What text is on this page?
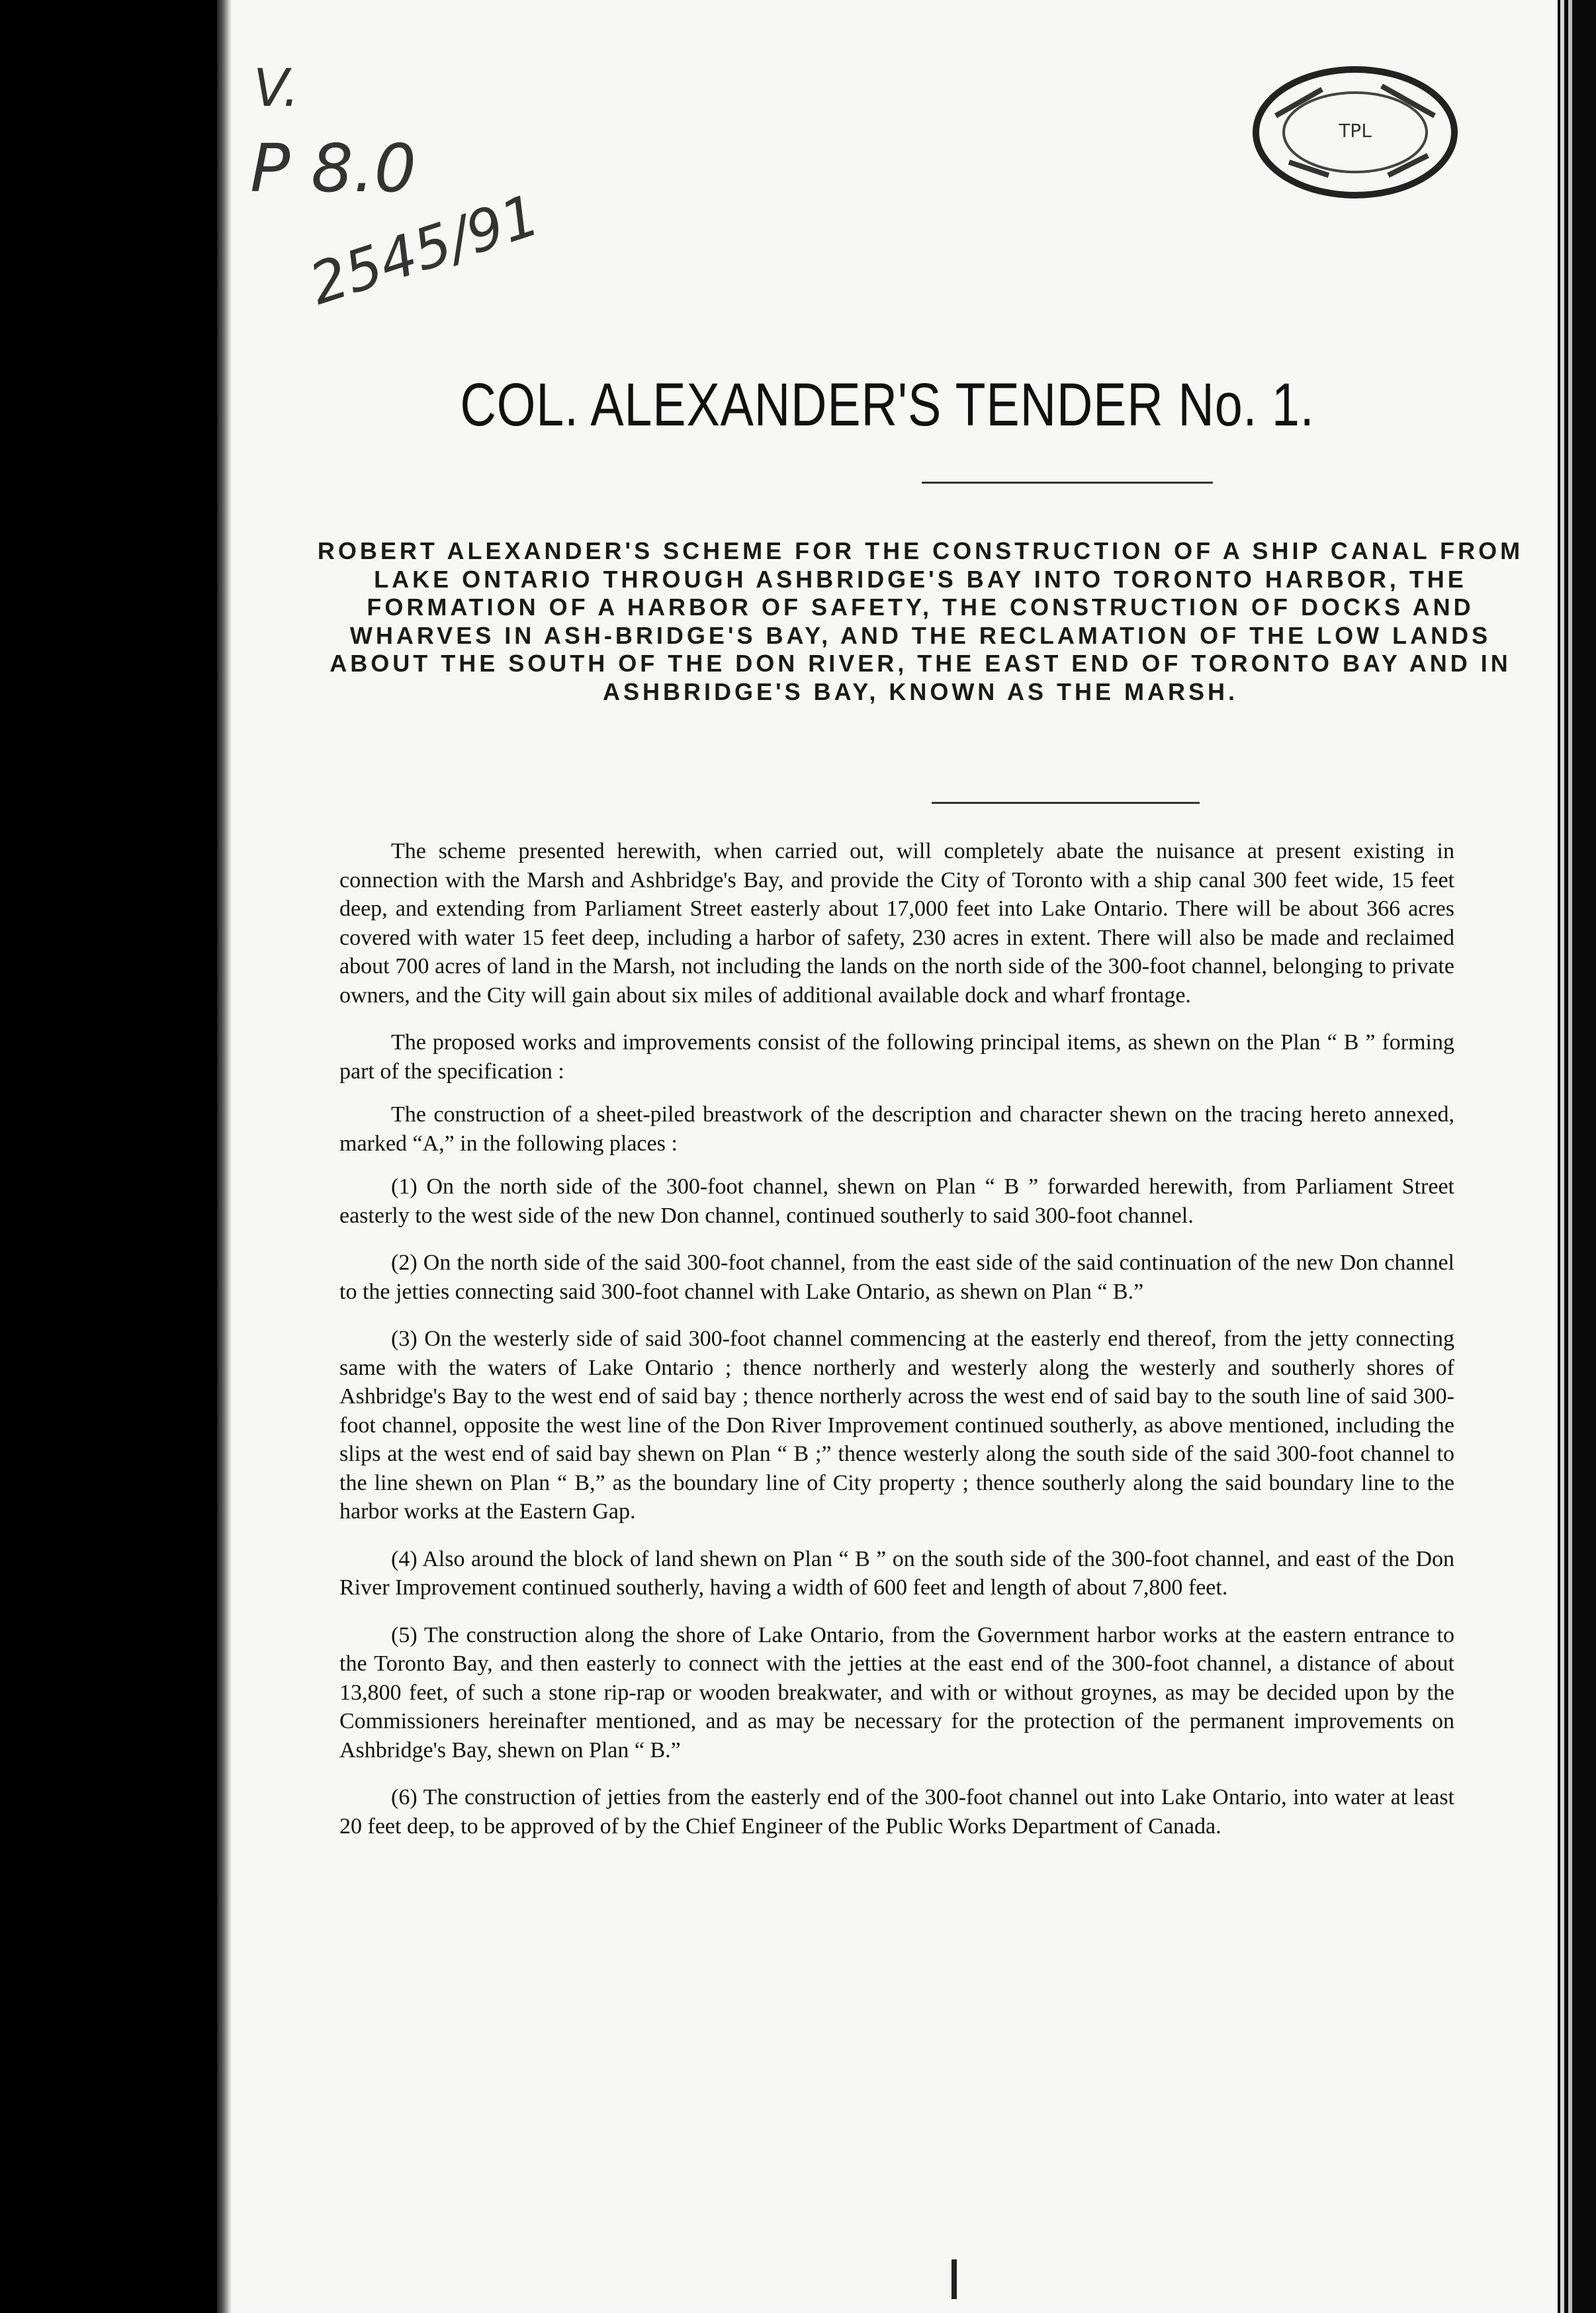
V.
P 8.0
2545/91
TPL
COL. ALEXANDER'S TENDER No. 1.
ROBERT ALEXANDER'S SCHEME FOR THE CONSTRUCTION OF A SHIP CANAL FROM LAKE ONTARIO THROUGH ASHBRIDGE'S BAY INTO TORONTO HARBOR, THE FORMATION OF A HARBOR OF SAFETY, THE CONSTRUCTION OF DOCKS AND WHARVES IN ASH-BRIDGE'S BAY, AND THE RECLAMATION OF THE LOW LANDS ABOUT THE SOUTH OF THE DON RIVER, THE EAST END OF TORONTO BAY AND IN ASHBRIDGE'S BAY, KNOWN AS THE MARSH.

The scheme presented herewith, when carried out, will completely abate the nuisance at present existing in connection with the Marsh and Ashbridge's Bay, and provide the City of Toronto with a ship canal 300 feet wide, 15 feet deep, and extending from Parliament Street easterly about 17,000 feet into Lake Ontario. There will be about 366 acres covered with water 15 feet deep, including a harbor of safety, 230 acres in extent. There will also be made and reclaimed about 700 acres of land in the Marsh, not including the lands on the north side of the 300-foot channel, belonging to private owners, and the City will gain about six miles of additional available dock and wharf frontage.

The proposed works and improvements consist of the following principal items, as shewn on the Plan “ B ” forming part of the specification :

The construction of a sheet-piled breastwork of the description and character shewn on the tracing hereto annexed, marked “A,” in the following places :

(1) On the north side of the 300-foot channel, shewn on Plan “ B ” forwarded herewith, from Parliament Street easterly to the west side of the new Don channel, continued southerly to said 300-foot channel.

(2) On the north side of the said 300-foot channel, from the east side of the said continuation of the new Don channel to the jetties connecting said 300-foot channel with Lake Ontario, as shewn on Plan “ B.”

(3) On the westerly side of said 300-foot channel commencing at the easterly end thereof, from the jetty connecting same with the waters of Lake Ontario ; thence northerly and westerly along the westerly and southerly shores of Ashbridge's Bay to the west end of said bay ; thence northerly across the west end of said bay to the south line of said 300-foot channel, opposite the west line of the Don River Improvement continued southerly, as above mentioned, including the slips at the west end of said bay shewn on Plan “ B ;” thence westerly along the south side of the said 300-foot channel to the line shewn on Plan “ B,” as the boundary line of City property ; thence southerly along the said boundary line to the harbor works at the Eastern Gap.

(4) Also around the block of land shewn on Plan “ B ” on the south side of the 300-foot channel, and east of the Don River Improvement continued southerly, having a width of 600 feet and length of about 7,800 feet.

(5) The construction along the shore of Lake Ontario, from the Government harbor works at the eastern entrance to the Toronto Bay, and then easterly to connect with the jetties at the east end of the 300-foot channel, a distance of about 13,800 feet, of such a stone rip-rap or wooden breakwater, and with or without groynes, as may be decided upon by the Commissioners hereinafter mentioned, and as may be necessary for the protection of the permanent improvements on Ashbridge's Bay, shewn on Plan “ B.”

(6) The construction of jetties from the easterly end of the 300-foot channel out into Lake Ontario, into water at least 20 feet deep, to be approved of by the Chief Engineer of the Public Works Department of Canada.
